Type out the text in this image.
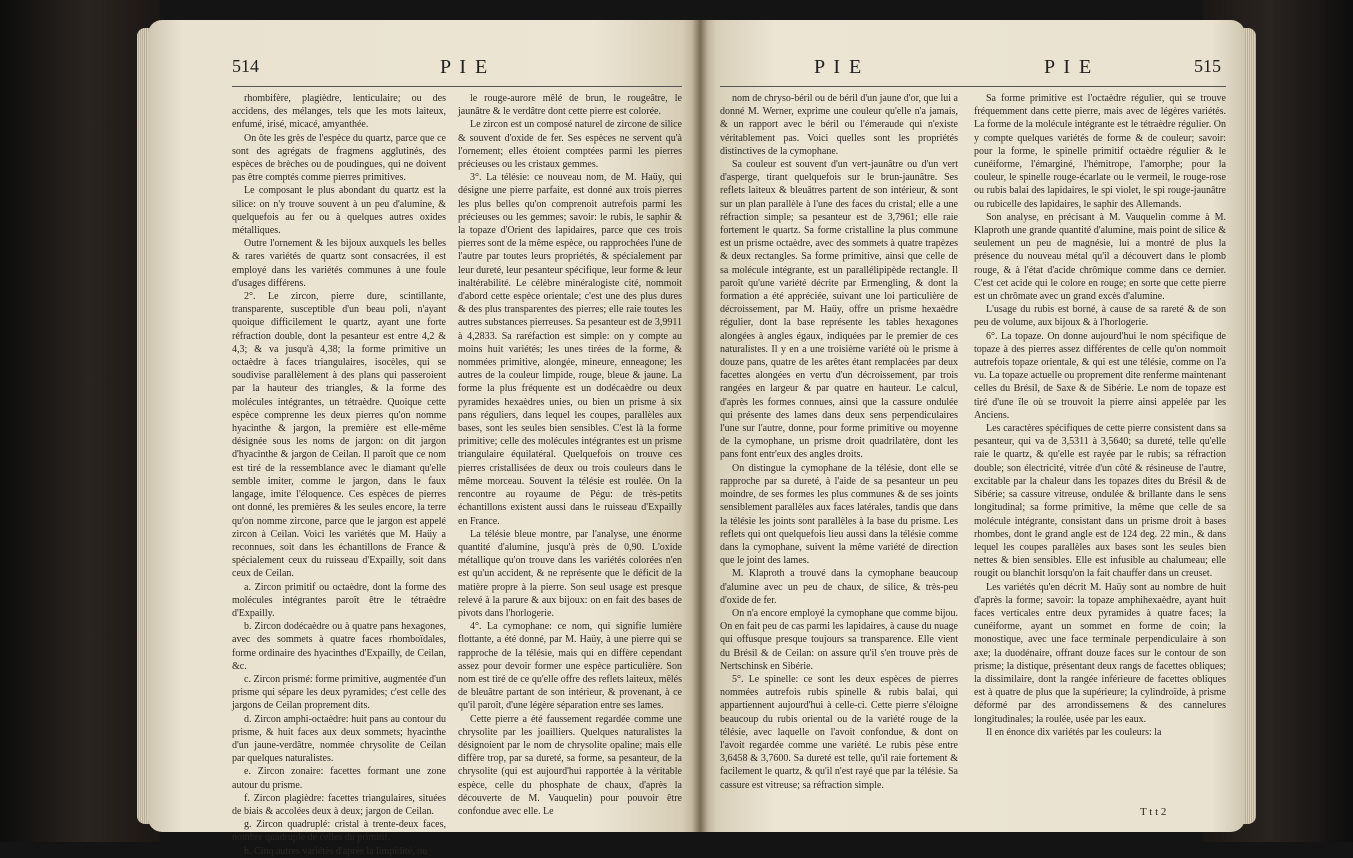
514	P I E

rhombifère, plagièdre, lenticulaire; ou des accidens, des mélanges, tels que les mots laiteux, enfumé, irisé, micacé, amyanthée.

On ôte les grès de l'espèce du quartz, parce que ce sont des agrégats de fragmens agglutinés, des espèces de brèches ou de poudingues, qui ne doivent pas être comptés comme pierres primitives.

Le composant le plus abondant du quartz est la silice: on n'y trouve souvent à un peu d'alumine, & quelquefois au fer ou à quelques autres oxides métalliques.

Outre l'ornement & les bijoux auxquels les belles & rares variétés de quartz sont consacrées, il est employé dans les variétés communes à une foule d'usages différens.

2°. Le zircon, pierre dure, scintillante, transparente, susceptible d'un beau poli, n'ayant quoique difficilement le quartz, ayant une forte réfraction double, dont la pesanteur est entre 4,2 & 4,3; & va jusqu'à 4,38; la forme primitive un octaèdre à faces triangulaires, isocèles, qui se soudivise parallèlement à des plans qui passeroient par la hauteur des triangles, & la forme des molécules intégrantes, un tétraèdre. Quoique cette espèce comprenne les deux pierres qu'on nomme hyacinthe & jargon, la première est elle-même désignée sous les noms de jargon: on dit jargon d'hyacinthe & jargon de Ceilan. Il paroît que ce nom est tiré de la ressemblance avec le diamant qu'elle semble imiter, comme le jargon, dans le faux langage, imite l'éloquence. Ces espèces de pierres ont donné, les premières & les seules encore, la terre qu'on nomme zircone, parce que le jargon est appelé zircon à Ceilan. Voici les variétés que M. Haüy a reconnues, soit dans les échantillons de France & spécialement ceux du ruisseau d'Expailly, soit dans ceux de Ceilan.

a. Zircon primitif ou octaèdre, dont la forme des molécules intégrantes paroît être le tétraèdre d'Expailly.

b. Zircon dodécaèdre ou à quatre pans hexagones, avec des sommets à quatre faces rhomboïdales, forme ordinaire des hyacinthes d'Expailly, de Ceilan, &c.

c. Zircon prismé: forme primitive, augmentée d'un prisme qui sépare les deux pyramides; c'est celle des jargons de Ceilan proprement dits.

d. Zircon amphi-octaèdre: huit pans au contour du prisme, & huit faces aux deux sommets; hyacinthe d'un jaune-verdâtre, nommée chrysolite de Ceilan par quelques naturalistes.

e. Zircon zonaire: facettes formant une zone autour du prisme.

f. Zircon plagièdre: facettes triangulaires, situées de biais & accolées deux à deux; jargon de Ceilan.

g. Zircon quadruplé: cristal à trente-deux faces, nombre quadruple de celles du primitif.

h. Cinq autres variétés d'après la limpidité, ou

le rouge-aurore mêlé de brun, le rougeâtre, le jaunâtre & le verdâtre dont cette pierre est colorée.

Le zircon est un composé naturel de zircone de silice & souvent d'oxide de fer. Ses espèces ne servent qu'à l'ornement; elles étoient comptées parmi les pierres précieuses ou les cristaux gemmes.

3°. La télésie: ce nouveau nom, de M. Haüy, qui désigne une pierre parfaite, est donné aux trois pierres les plus belles qu'on comprenoit autrefois parmi les précieuses ou les gemmes; savoir: le rubis, le saphir & la topaze d'Orient des lapidaires, parce que ces trois pierres sont de la même espèce, ou rapprochées l'une de l'autre par toutes leurs propriétés, & spécialement par leur dureté, leur pesanteur spécifique, leur forme & leur inaltérabilité. Le célèbre minéralogiste cité, nommoit d'abord cette espèce orientale; c'est une des plus dures & des plus transparentes des pierres; elle raie toutes les autres substances pierreuses. Sa pesanteur est de 3,9911 à 4,2833. Sa raréfaction est simple: on y compte au moins huit variétés; les unes tirées de la forme, & nommées primitive, alongée, mineure, enneagone; les autres de la couleur limpide, rouge, bleue & jaune. La forme la plus fréquente est un dodécaèdre ou deux pyramides hexaèdres unies, ou bien un prisme à six pans réguliers, dans lequel les coupes, parallèles aux bases, sont les seules bien sensibles. C'est là la forme primitive; celle des molécules intégrantes est un prisme triangulaire équilatéral. Quelquefois on trouve ces pierres cristallisées de deux ou trois couleurs dans le même morceau. Souvent la télésie est roulée. On la rencontre au royaume de Pégu: de très-petits échantillons existent aussi dans le ruisseau d'Expailly en France.

La télésie bleue montre, par l'analyse, une énorme quantité d'alumine, jusqu'à près de 0,90. L'oxide métallique qu'on trouve dans les variétés colorées n'en est qu'un accident, & ne représente que le déficit de la matière propre à la pierre. Son seul usage est presque relevé à la parure & aux bijoux: on en fait des bases de pivots dans l'horlogerie.

4°. La cymophane: ce nom, qui signifie lumière flottante, a été donné, par M. Haüy, à une pierre qui se rapproche de la télésie, mais qui en diffère cependant assez pour devoir former une espèce particulière. Son nom est tiré de ce qu'elle offre des reflets laiteux, mêlés de bleuâtre partant de son intérieur, & provenant, à ce qu'il paroît, d'une légère séparation entre ses lames.

Cette pierre a été faussement regardée comme une chrysolite par les joailliers. Quelques naturalistes la désignoient par le nom de chrysolite opaline; mais elle diffère trop, par sa dureté, sa forme, sa pesanteur, de la chrysolite (qui est aujourd'hui rapportée à la véritable espèce, celle du phosphate de chaux, d'après la découverte de M. Vauquelin) pour pouvoir être confondue avec elle. Le

P I E	P I E	515

nom de chryso-béril ou de béril d'un jaune d'or, que lui a donné M. Werner, exprime une couleur qu'elle n'a jamais, & un rapport avec le béril ou l'émeraude qui n'existe véritablement pas. Voici quelles sont les propriétés distinctives de la cymophane.

Sa couleur est souvent d'un vert-jaunâtre ou d'un vert d'asperge, tirant quelquefois sur le brun-jaunâtre. Ses reflets laiteux & bleuâtres partent de son intérieur, & sont sur un plan parallèle à l'une des faces du cristal; elle a une réfraction simple; sa pesanteur est de 3,7961; elle raie fortement le quartz. Sa forme cristalline la plus commune est un prisme octaèdre, avec des sommets à quatre trapèzes & deux rectangles. Sa forme primitive, ainsi que celle de sa molécule intégrante, est un parallélipipède rectangle. Il paroît qu'une variété décrite par Ermengling, & dont la formation a été appréciée, suivant une loi particulière de décroissement, par M. Haüy, offre un prisme hexaèdre régulier, dont la base représente les tables hexagones alongées à angles égaux, indiquées par le premier de ces naturalistes. Il y en a une troisième variété où le prisme à douze pans, quatre de les arêtes étant remplacées par deux facettes alongées en vertu d'un décroissement, par trois rangées en largeur & par quatre en hauteur. Le calcul, d'après les formes connues, ainsi que la cassure ondulée qui présente des lames dans deux sens perpendiculaires l'une sur l'autre, donne, pour forme primitive ou moyenne de la cymophane, un prisme droit quadrilatère, dont les pans font entr'eux des angles droits.

On distingue la cymophane de la télésie, dont elle se rapproche par sa dureté, à l'aide de sa pesanteur un peu moindre, de ses formes les plus communes & de ses joints sensiblement parallèles aux faces latérales, tandis que dans la télésie les joints sont parallèles à la base du prisme. Les reflets qui ont quelquefois lieu aussi dans la télésie comme dans la cymophane, suivent la même variété de direction que le joint des lames.

M. Klaproth a trouvé dans la cymophane beaucoup d'alumine avec un peu de chaux, de silice, & très-peu d'oxide de fer.

On n'a encore employé la cymophane que comme bijou. On en fait peu de cas parmi les lapidaires, à cause du nuage qui offusque presque toujours sa transparence. Elle vient du Brésil & de Ceilan: on assure qu'il s'en trouve près de Nertschinsk en Sibérie.

5°. Le spinelle: ce sont les deux espèces de pierres nommées autrefois rubis spinelle & rubis balai, qui appartiennent aujourd'hui à celle-ci. Cette pierre s'éloigne beaucoup du rubis oriental ou de la variété rouge de la télésie, avec laquelle on l'avoit confondue, & dont on l'avoit regardée comme une variété. Le rubis pèse entre 3,6458 & 3,7600. Sa dureté est telle, qu'il raie fortement & facilement le quartz, & qu'il n'est rayé que par la télésie. Sa cassure est vitreuse; sa réfraction simple.

Sa forme primitive est l'octaèdre régulier, qui se trouve fréquemment dans cette pierre, mais avec de légères variétés. La forme de la molécule intégrante est le tétraèdre régulier. On y compte quelques variétés de forme & de couleur; savoir: pour la forme, le spinelle primitif octaèdre régulier & le cunéiforme, l'émarginé, l'hémitrope, l'amorphe; pour la couleur, le spinelle rouge-écarlate ou le vermeil, le rouge-rose ou rubis balai des lapidaires, le spi violet, le spi rouge-jaunâtre ou rubicelle des lapidaires, le saphir des Allemands.

Son analyse, en précisant à M. Vauquelin comme à M. Klaproth une grande quantité d'alumine, mais point de silice & seulement un peu de magnésie, lui a montré de plus la présence du nouveau métal qu'il a découvert dans le plomb rouge, & à l'état d'acide chrômique comme dans ce dernier. C'est cet acide qui le colore en rouge; en sorte que cette pierre est un chrômate avec un grand excès d'alumine.

L'usage du rubis est borné, à cause de sa rareté & de son peu de volume, aux bijoux & à l'horlogerie.

6°. La topaze. On donne aujourd'hui le nom spécifique de topaze à des pierres assez différentes de celle qu'on nommoit autrefois topaze orientale, & qui est une télésie, comme on l'a vu. La topaze actuelle ou proprement dite renferme maintenant celles du Brésil, de Saxe & de Sibérie. Le nom de topaze est tiré d'une île où se trouvoit la pierre ainsi appelée par les Anciens.

Les caractères spécifiques de cette pierre consistent dans sa pesanteur, qui va de 3,5311 à 3,5640; sa dureté, telle qu'elle raie le quartz, & qu'elle est rayée par le rubis; sa réfraction double; son électricité, vitrée d'un côté & résineuse de l'autre, excitable par la chaleur dans les topazes dites du Brésil & de Sibérie; sa cassure vitreuse, ondulée & brillante dans le sens longitudinal; sa forme primitive, la même que celle de sa molécule intégrante, consistant dans un prisme droit à bases rhombes, dont le grand angle est de 124 deg. 22 min., & dans lequel les coupes parallèles aux bases sont les seules bien nettes & bien sensibles. Elle est infusible au chalumeau; elle rougit ou blanchit lorsqu'on la fait chauffer dans un creuset.

Les variétés qu'en décrit M. Haüy sont au nombre de huit d'après la forme; savoir: la topaze amphihexaèdre, ayant huit faces verticales entre deux pyramides à quatre faces; la cunéiforme, ayant un sommet en forme de coin; la monostique, avec une face terminale perpendiculaire à son axe; la duodénaire, offrant douze faces sur le contour de son prisme; la distique, présentant deux rangs de facettes obliques; la dissimilaire, dont la rangée inférieure de facettes obliques est à quatre de plus que la supérieure; la cylindroïde, à prisme déformé par des arrondissemens & des cannelures longitudinales; la roulée, usée par les eaux.

Il en énonce dix variétés par les couleurs: la

T t t 2
